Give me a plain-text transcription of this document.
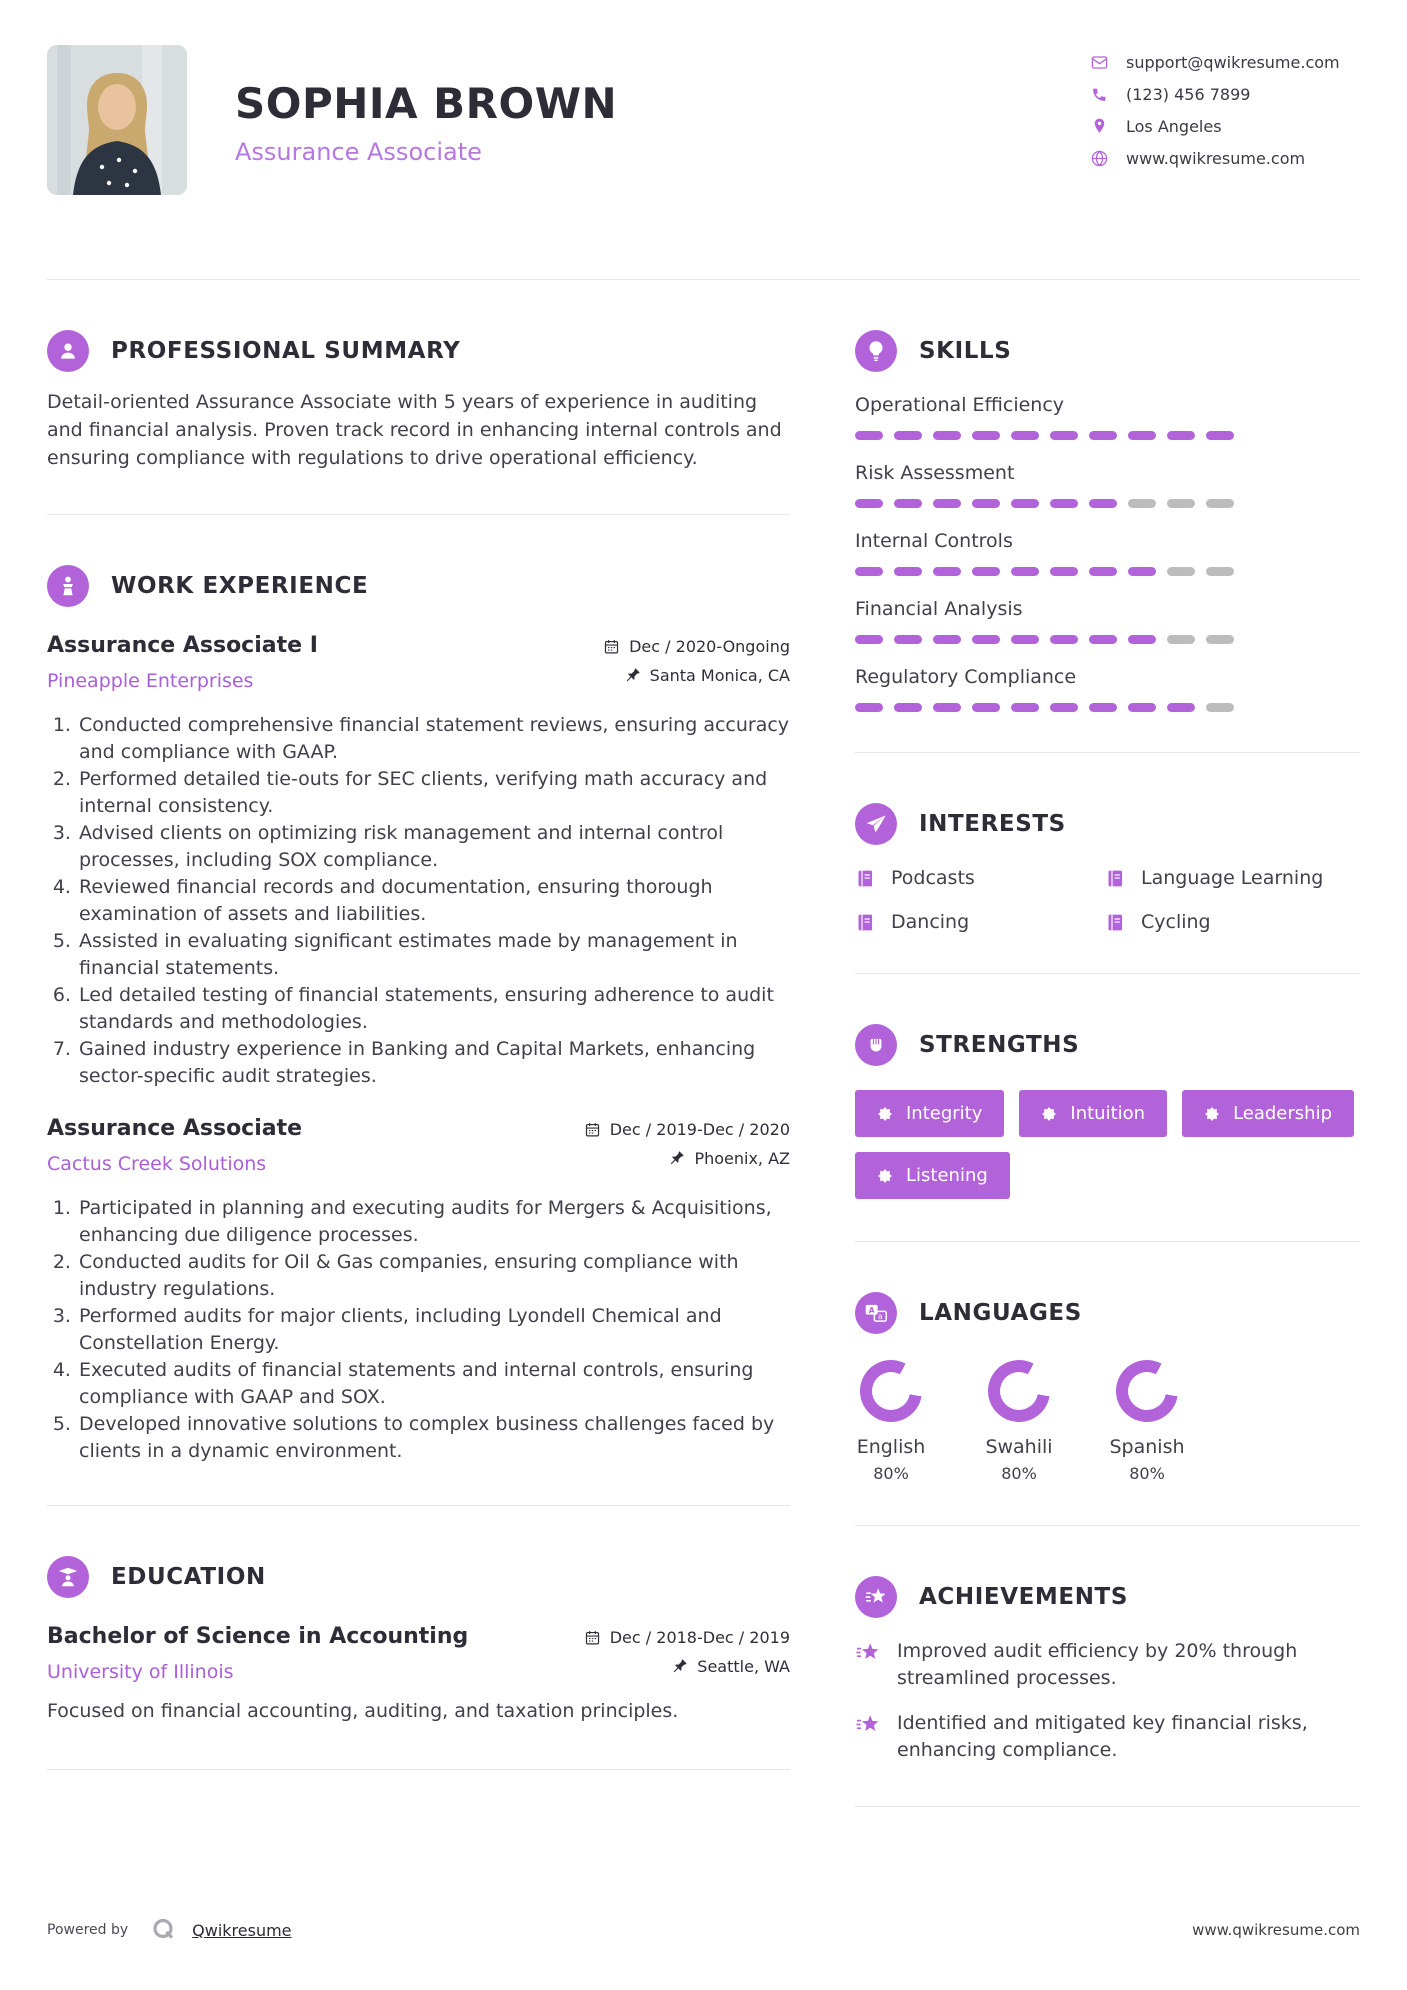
SOPHIA BROWN
Assurance Associate
support@qwikresume.com
(123) 456 7899
Los Angeles
www.qwikresume.com
PROFESSIONAL SUMMARY

Detail-oriented Assurance Associate with 5 years of experience in auditing and financial analysis. Proven track record in enhancing internal controls and ensuring compliance with regulations to drive operational efficiency.

WORK EXPERIENCE
Assurance Associate I
Pineapple Enterprises
Dec / 2020-Ongoing
Santa Monica, CA
1. Conducted comprehensive financial statement reviews, ensuring accuracy and compliance with GAAP.
2. Performed detailed tie-outs for SEC clients, verifying math accuracy and internal consistency.
3. Advised clients on optimizing risk management and internal control processes, including SOX compliance.
4. Reviewed financial records and documentation, ensuring thorough examination of assets and liabilities.
5. Assisted in evaluating significant estimates made by management in financial statements.
6. Led detailed testing of financial statements, ensuring adherence to audit standards and methodologies.
7. Gained industry experience in Banking and Capital Markets, enhancing sector-specific audit strategies.
Assurance Associate
Cactus Creek Solutions
Dec / 2019-Dec / 2020
Phoenix, AZ
1. Participated in planning and executing audits for Mergers & Acquisitions, enhancing due diligence processes.
2. Conducted audits for Oil & Gas companies, ensuring compliance with industry regulations.
3. Performed audits for major clients, including Lyondell Chemical and Constellation Energy.
4. Executed audits of financial statements and internal controls, ensuring compliance with GAAP and SOX.
5. Developed innovative solutions to complex business challenges faced by clients in a dynamic environment.
EDUCATION
Bachelor of Science in Accounting
University of Illinois
Dec / 2018-Dec / 2019
Seattle, WA

Focused on financial accounting, auditing, and taxation principles.

SKILLS
Operational Efficiency
Risk Assessment
Internal Controls
Financial Analysis
Regulatory Compliance
INTERESTS
Podcasts	Language Learning
Dancing	Cycling
STRENGTHS
Integrity	Intuition	Leadership
Listening
A
a LANGUAGES
English
80%
Swahili
80%
Spanish
80%
ACHIEVEMENTS
Improved audit efficiency by 20% through streamlined processes.
Identified and mitigated key financial risks, enhancing compliance.
Powered by	Qwikresume	www.qwikresume.com
